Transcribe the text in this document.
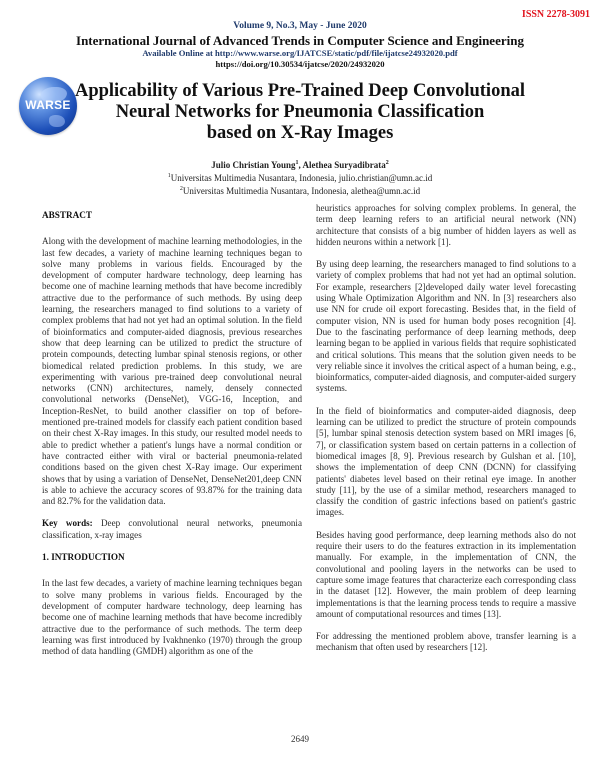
ISSN 2278-3091
Volume 9, No.3, May - June 2020
International Journal of Advanced Trends in Computer Science and Engineering
Available Online at http://www.warse.org/IJATCSE/static/pdf/file/ijatcse24932020.pdf
https://doi.org/10.30534/ijatcse/2020/24932020
WARSE
Applicability of Various Pre-Trained Deep Convolutional
Neural Networks for Pneumonia Classification
based on X-Ray Images
Julio Christian Young$^1$, Alethea Suryadibrata$^2$
$^1$Universitas Multimedia Nusantara, Indonesia, julio.christian@umn.ac.id
$^2$Universitas Multimedia Nusantara, Indonesia, alethea@umn.ac.id
ABSTRACT

Along with the development of machine learning methodologies, in the last few decades, a variety of machine learning techniques began to solve many problems in various fields. Encouraged by the development of computer hardware technology, deep learning has become one of machine learning methods that have become incredibly attractive due to the performance of such methods. By using deep learning, the researchers managed to find solutions to a variety of complex problems that had not yet had an optimal solution. In the field of bioinformatics and computer-aided diagnosis, previous researches show that deep learning can be utilized to predict the structure of protein compounds, detecting lumbar spinal stenosis regions, or other biomedical related prediction problems. In this study, we are experimenting with various pre-trained deep convolutional neural networks (CNN) architectures, namely, densely connected convolutional networks (DenseNet), VGG-16, Inception, and Inception-ResNet, to build another classifier on top of before-mentioned pre-trained models for classify each patient condition based on their chest X-Ray images. In this study, our resulted model needs to able to predict whether a patient's lungs have a normal condition or have contracted either with viral or bacterial pneumonia-related conditions based on the given chest X-Ray image. Our experiment shows that by using a variation of DenseNet, DenseNet201,deep CNN is able to achieve the accuracy scores of 93.87% for the training data and 82.7% for the validation data.

Key words: Deep convolutional neural networks, pneumonia classification, x-ray images

1. INTRODUCTION

In the last few decades, a variety of machine learning techniques began to solve many problems in various fields. Encouraged by the development of computer hardware technology, deep learning has become one of machine learning methods that have become incredibly attractive due to the performance of such methods. The term deep learning was first introduced by Ivakhnenko (1970) through the group method of data handling (GMDH) algorithm as one of the

heuristics approaches for solving complex problems. In general, the term deep learning refers to an artificial neural network (NN) architecture that consists of a big number of hidden layers as well as hidden neurons within a network [1].

By using deep learning, the researchers managed to find solutions to a variety of complex problems that had not yet had an optimal solution. For example, researchers [2]developed daily water level forecasting using Whale Optimization Algorithm and NN. In [3] researchers also use NN for crude oil export forecasting. Besides that, in the field of computer vision, NN is used for human body poses recognition [4]. Due to the fascinating performance of deep learning methods, deep learning began to be applied in various fields that require sophisticated and critical solutions. This means that the solution given needs to be very reliable since it involves the critical aspect of a human being, e.g., bioinformatics, computer-aided diagnosis, and computer-aided surgery systems.

In the field of bioinformatics and computer-aided diagnosis, deep learning can be utilized to predict the structure of protein compounds [5], lumbar spinal stenosis detection system based on MRI images [6, 7], or classification system based on certain patterns in a collection of biomedical images [8, 9]. Previous research by Gulshan et al. [10], shows the implementation of deep CNN (DCNN) for classifying patients' diabetes level based on their retinal eye image. In another study [11], by the use of a similar method, researchers managed to classify the condition of gastric infections based on patient's gastric images.

Besides having good performance, deep learning methods also do not require their users to do the features extraction in its implementation manually. For example, in the implementation of CNN, the convolutional and pooling layers in the networks can be used to capture some image features that characterize each corresponding class in the dataset [12]. However, the main problem of deep learning implementations is that the learning process tends to require a massive amount of computational resources and times [13].

For addressing the mentioned problem above, transfer learning is a mechanism that often used by researchers [12].

2649
